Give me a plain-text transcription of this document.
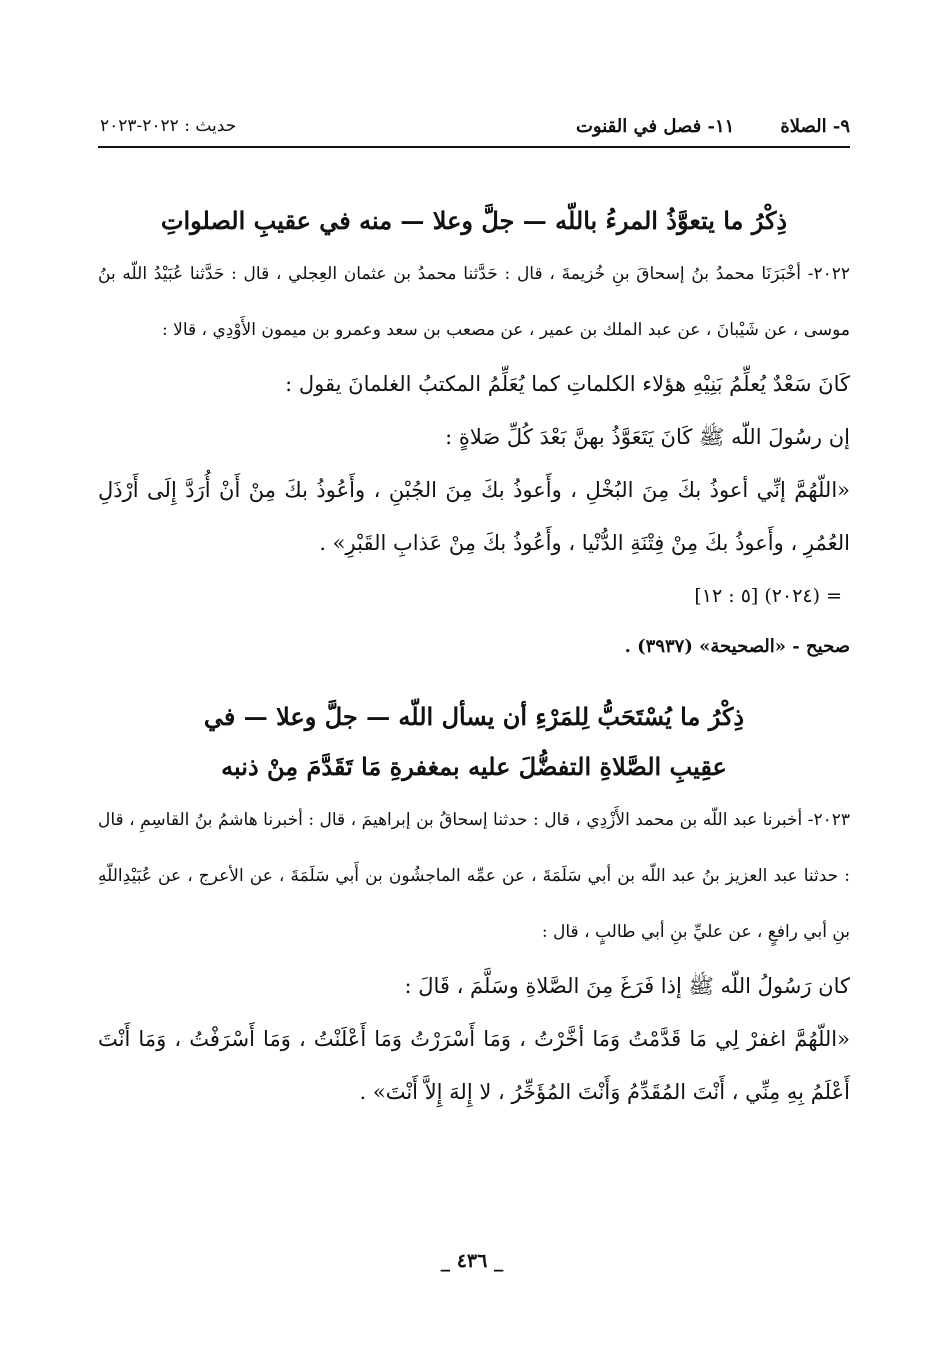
٩- الصلاة١١- فصل في القنوت
حديث : ٢٠٢٢-٢٠٢٣
ذِكْرُ ما يتعوَّذُ المرءُ باللّه — جلَّ وعلا — منه في عقيبِ الصلواتِ
٢٠٢٢- أخْبَرَنَا محمدُ بنُ إسحاقَ بنِ خُزيمةَ ، قال : حَدَّثنا محمدُ بن عثمان العِجلي ، قال : حَدَّثنا عُبَيْدُ اللّه بنُ موسى ، عن شَيْبانَ ، عن عبد الملك بن عمير ، عن مصعب بن سعد وعمرو بن ميمون الأَوْدِي ، قالا :
كَانَ سَعْدٌ يُعلِّمُ بَنِيْهِ هؤلاء الكلماتِ كما يُعَلِّمُ المكتبُ الغلمانَ يقول :
إن رسُولَ اللّه ﷺ كَانَ يَتَعَوَّذُ بهنَّ بَعْدَ كُلِّ صَلاةٍ :
«اللّهُمَّ إنِّي أعوذُ بكَ مِنَ البُخْلِ ، وأَعوذُ بكَ مِنَ الجُبْنِ ، وأَعُوذُ بكَ مِنْ أَنْ أُرَدَّ إِلَى أَرْذَلِ العُمُرِ ، وأَعوذُ بكَ مِنْ فِتْنَةِ الدُّنْيا ، وأَعُوذُ بكَ مِنْ عَذابِ القَبْرِ» .
= (٢٠٢٤) [٥ : ١٢]
صحيح - «الصحيحة» (٣٩٣٧) .
ذِكْرُ ما يُسْتَحَبُّ لِلمَرْءِ أن يسأل اللّه — جلَّ وعلا — في
عقِيبِ الصَّلاةِ التفضُّلَ عليه بمغفرةِ مَا تَقَدَّمَ مِنْ ذنبه
٢٠٢٣- أخبرنا عبد اللّه بن محمد الأَزْدِي ، قال : حدثنا إسحاقُ بن إبراهيمَ ، قال : أخبرنا هاشمُ بنُ القاسِمِ ، قال : حدثنا عبد العزيز بنُ عبد اللّه بن أبي سَلَمَةَ ، عن عمِّه الماجشُون بن أَبي سَلَمَةَ ، عن الأعرج ، عن عُبَيْدِاللّهِ بنِ أبي رافعٍ ، عن عليِّ بنِ أبي طالبٍ ، قال :
كان رَسُولُ اللّه ﷺ إذا فَرَغَ مِنَ الصَّلاةِ وسَلَّمَ ، قَالَ :
«اللّهُمَّ اغفرْ لِي مَا قَدَّمْتُ وَمَا أخَّرْتُ ، وَمَا أَسْرَرْتُ وَمَا أَعْلَنْتُ ، وَمَا أَسْرَفْتُ ، وَمَا أَنْتَ أَعْلَمُ بِهِ مِنِّي ، أَنْتَ المُقَدِّمُ وَأَنْتَ المُؤَخِّرُ ، لا إِلهَ إِلاَّ أَنْتَ» .
_ ٤٣٦ _
